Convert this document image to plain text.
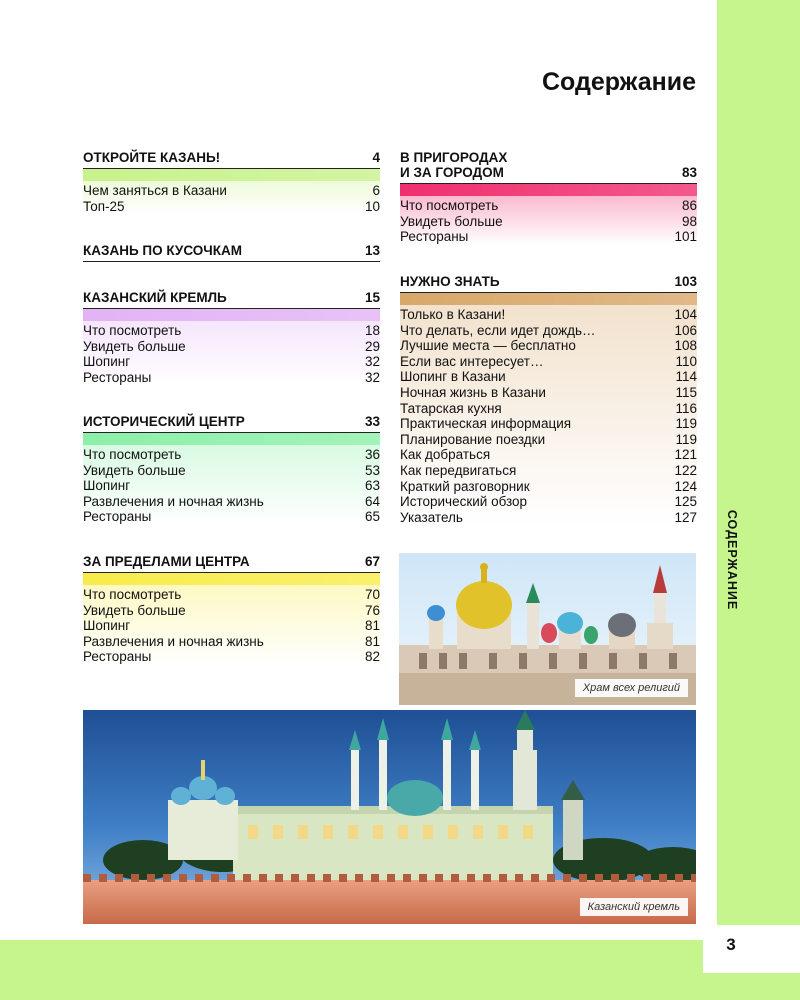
3
СОДЕРЖАНИЕ
Содержание
ОТКРОЙТЕ КАЗАНЬ!	4
Чем заняться в Казани	6
Топ-25	10
КАЗАНЬ ПО КУСОЧКАМ	13
КАЗАНСКИЙ КРЕМЛЬ	15
Что посмотреть	18
Увидеть больше	29
Шопинг	32
Рестораны	32
ИСТОРИЧЕСКИЙ ЦЕНТР	33
Что посмотреть	36
Увидеть больше	53
Шопинг	63
Развлечения и ночная жизнь	64
Рестораны	65
ЗА ПРЕДЕЛАМИ ЦЕНТРА	67
Что посмотреть	70
Увидеть больше	76
Шопинг	81
Развлечения и ночная жизнь	81
Рестораны	82
В ПРИГОРОДАХ
И ЗА ГОРОДОМ	83
Что посмотреть	86
Увидеть больше	98
Рестораны	101
НУЖНО ЗНАТЬ	103
Только в Казани!	104
Что делать, если идет дождь…	106
Лучшие места — бесплатно	108
Если вас интересует…	110
Шопинг в Казани	114
Ночная жизнь в Казани	115
Татарская кухня	116
Практическая информация	119
Планирование поездки	119
Как добраться	121
Как передвигаться	122
Краткий разговорник	124
Исторический обзор	125
Указатель	127
Храм всех религий
Казанский кремль
